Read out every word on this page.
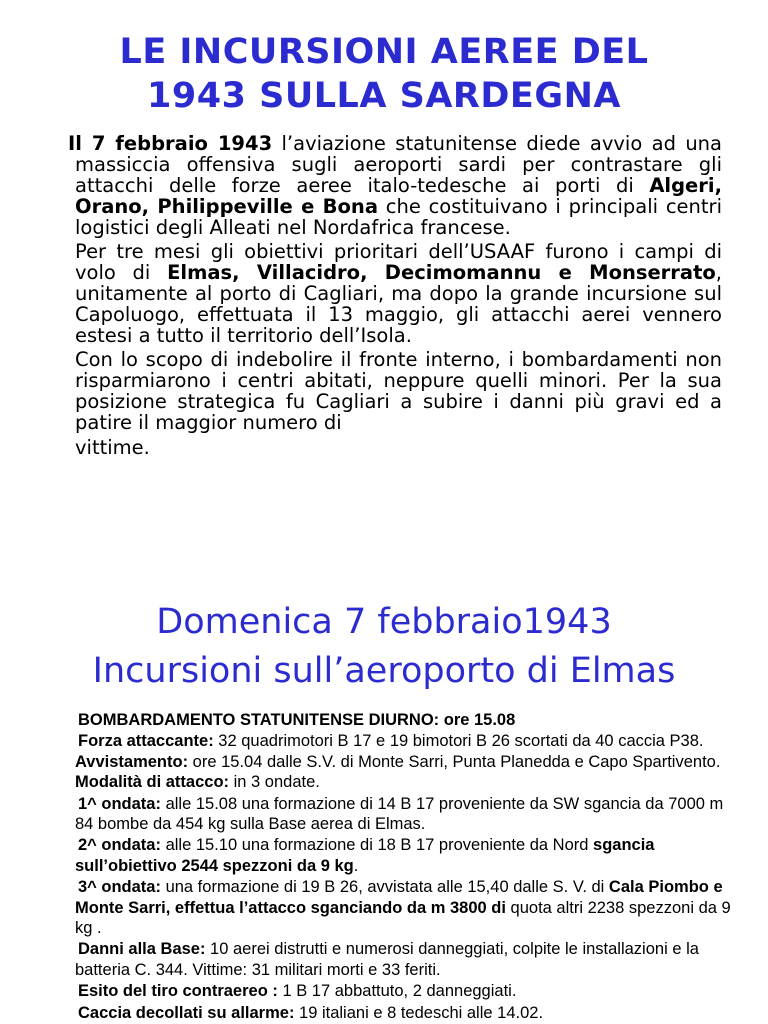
LE INCURSIONI AEREE DEL
1943 SULLA SARDEGNA

Il 7 febbraio 1943 l’aviazione statunitense diede avvio ad una massiccia offensiva sugli aeroporti sardi per contrastare gli attacchi delle forze aeree italo-tedesche ai porti di Algeri, Orano, Philippeville e Bona che costituivano i principali centri logistici degli Alleati nel Nordafrica francese.

Per tre mesi gli obiettivi prioritari dell’USAAF furono i campi di volo di Elmas, Villacidro, Decimomannu e Monserrato, unitamente al porto di Cagliari, ma dopo la grande incursione sul Capoluogo, effettuata il 13 maggio, gli attacchi aerei vennero estesi a tutto il territorio dell’Isola.

Con lo scopo di indebolire il fronte interno, i bombardamenti non risparmiarono i centri abitati, neppure quelli minori. Per la sua posizione strategica fu Cagliari a subire i danni più gravi ed a patire il maggior numero di
vittime.

Domenica 7 febbraio1943
Incursioni sull’aeroporto di Elmas

BOMBARDAMENTO STATUNITENSE DIURNO: ore 15.08

Forza attaccante: 32 quadrimotori B 17 e 19 bimotori B 26 scortati da 40 caccia P38. Avvistamento: ore 15.04 dalle S.V. di Monte Sarri, Punta Planedda e Capo Spartivento. Modalità di attacco: in 3 ondate.

1^ ondata: alle 15.08 una formazione di 14 B 17 proveniente da SW sgancia da 7000 m 84 bombe da 454 kg sulla Base aerea di Elmas.

2^ ondata: alle 15.10 una formazione di 18 B 17 proveniente da Nord sgancia sull’obiettivo 2544 spezzoni da 9 kg.

3^ ondata: una formazione di 19 B 26, avvistata alle 15,40 dalle S. V. di Cala Piombo e Monte Sarri, effettua l’attacco sganciando da m 3800 di quota altri 2238 spezzoni da 9 kg .

Danni alla Base: 10 aerei distrutti e numerosi danneggiati, colpite le installazioni e la batteria C. 344. Vittime: 31 militari morti e 33 feriti.

Esito del tiro contraereo : 1 B 17 abbattuto, 2 danneggiati.

Caccia decollati su allarme: 19 italiani e 8 tedeschi alle 14.02.
